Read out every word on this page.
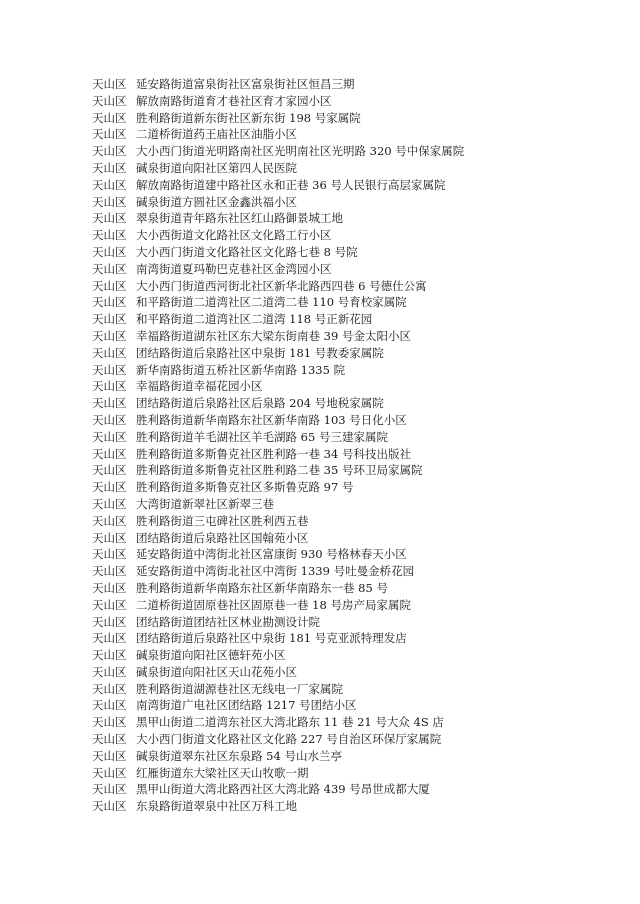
天山区 延安路街道富泉街社区富泉街社区恒昌三期
天山区 解放南路街道育才巷社区育才家园小区
天山区 胜利路街道新东街社区新东街 198 号家属院
天山区 二道桥街道药王庙社区油脂小区
天山区 大小西门街道光明路南社区光明南社区光明路 320 号中保家属院
天山区 碱泉街道向阳社区第四人民医院
天山区 解放南路街道建中路社区永和正巷 36 号人民银行高层家属院
天山区 碱泉街道方圆社区金鑫洪福小区
天山区 翠泉街道青年路东社区红山路御景城工地
天山区 大小西街道文化路社区文化路工行小区
天山区 大小西门街道文化路社区文化路七巷 8 号院
天山区 南湾街道夏玛勒巴克巷社区金湾园小区
天山区 大小西门街道西河街北社区新华北路西四巷 6 号德仕公寓
天山区 和平路街道二道湾社区二道湾二巷 110 号育校家属院
天山区 和平路街道二道湾社区二道湾 118 号正新花园
天山区 幸福路街道湖东社区东大梁东街南巷 39 号金太阳小区
天山区 团结路街道后泉路社区中泉街 181 号教委家属院
天山区 新华南路街道五桥社区新华南路 1335 院
天山区 幸福路街道幸福花园小区
天山区 团结路街道后泉路社区后泉路 204 号地税家属院
天山区 胜利路街道新华南路东社区新华南路 103 号日化小区
天山区 胜利路街道羊毛湖社区羊毛湖路 65 号三建家属院
天山区 胜利路街道多斯鲁克社区胜利路一巷 34 号科技出版社
天山区 胜利路街道多斯鲁克社区胜利路二巷 35 号环卫局家属院
天山区 胜利路街道多斯鲁克社区多斯鲁克路 97 号
天山区 大湾街道新翠社区新翠三巷
天山区 胜利路街道三屯碑社区胜利西五巷
天山区 团结路街道后泉路社区国翰苑小区
天山区 延安路街道中湾街北社区富康街 930 号格林春天小区
天山区 延安路街道中湾街北社区中湾街 1339 号吐曼金桥花园
天山区 胜利路街道新华南路东社区新华南路东一巷 85 号
天山区 二道桥街道固原巷社区固原巷一巷 18 号房产局家属院
天山区 团结路街道团结社区林业勘测设计院
天山区 团结路街道后泉路社区中泉街 181 号克亚派特理发店
天山区 碱泉街道向阳社区德轩苑小区
天山区 碱泉街道向阳社区天山花苑小区
天山区 胜利路街道湖源巷社区无线电一厂家属院
天山区 南湾街道广电社区团结路 1217 号团结小区
天山区 黑甲山街道二道湾东社区大湾北路东 11 巷 21 号大众 4S 店
天山区 大小西门街道文化路社区文化路 227 号自治区环保厅家属院
天山区 碱泉街道翠东社区东泉路 54 号山水兰亭
天山区 红雁街道东大梁社区天山牧歌一期
天山区 黑甲山街道大湾北路西社区大湾北路 439 号昂世成都大厦
天山区 东泉路街道翠泉中社区万科工地
